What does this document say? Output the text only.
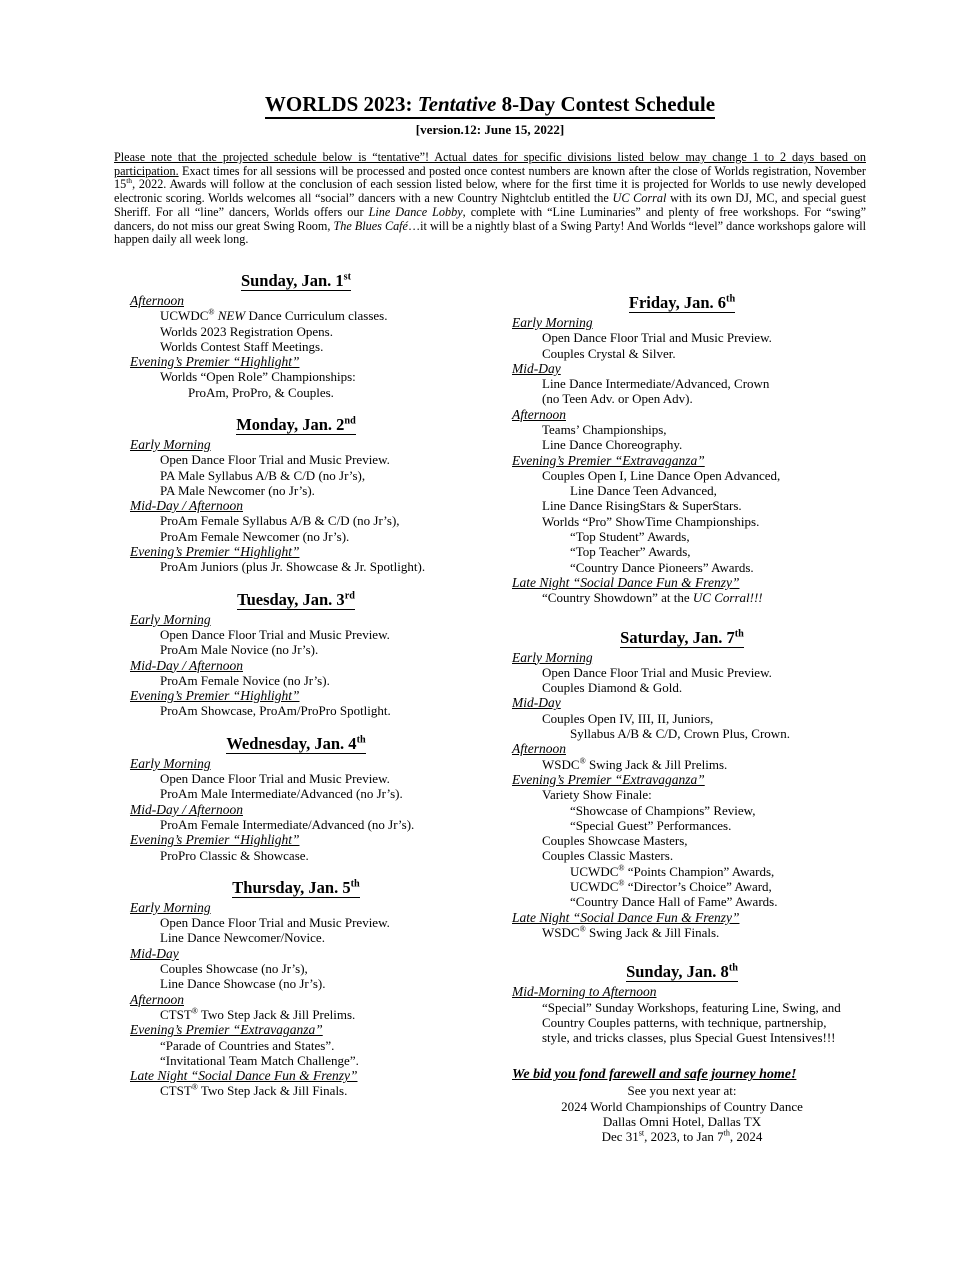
WORLDS 2023: Tentative 8-Day Contest Schedule
[version.12: June 15, 2022]

Please note that the projected schedule below is “tentative”! Actual dates for specific divisions listed below may change 1 to 2 days based on participation. Exact times for all sessions will be processed and posted once contest numbers are known after the close of Worlds registration, November 15th, 2022. Awards will follow at the conclusion of each session listed below, where for the first time it is projected for Worlds to use newly developed electronic scoring. Worlds welcomes all “social” dancers with a new Country Nightclub entitled the UC Corral with its own DJ, MC, and special guest Sheriff. For all “line” dancers, Worlds offers our Line Dance Lobby, complete with “Line Luminaries” and plenty of free workshops. For “swing” dancers, do not miss our great Swing Room, The Blues Café…it will be a nightly blast of a Swing Party! And Worlds “level” dance workshops galore will happen daily all week long.

Sunday, Jan. 1st
Afternoon
UCWDC® NEW Dance Curriculum classes.
Worlds 2023 Registration Opens.
Worlds Contest Staff Meetings.
Evening’s Premier “Highlight”
Worlds “Open Role” Championships:
ProAm, ProPro, & Couples.
Monday, Jan. 2nd
Early Morning
Open Dance Floor Trial and Music Preview.
PA Male Syllabus A/B & C/D (no Jr’s),
PA Male Newcomer (no Jr’s).
Mid-Day / Afternoon
ProAm Female Syllabus A/B & C/D (no Jr’s),
ProAm Female Newcomer (no Jr’s).
Evening’s Premier “Highlight”
ProAm Juniors (plus Jr. Showcase & Jr. Spotlight).
Tuesday, Jan. 3rd
Early Morning
Open Dance Floor Trial and Music Preview.
ProAm Male Novice (no Jr’s).
Mid-Day / Afternoon
ProAm Female Novice (no Jr’s).
Evening’s Premier “Highlight”
ProAm Showcase, ProAm/ProPro Spotlight.
Wednesday, Jan. 4th
Early Morning
Open Dance Floor Trial and Music Preview.
ProAm Male Intermediate/Advanced (no Jr’s).
Mid-Day / Afternoon
ProAm Female Intermediate/Advanced (no Jr’s).
Evening’s Premier “Highlight”
ProPro Classic & Showcase.
Thursday, Jan. 5th
Early Morning
Open Dance Floor Trial and Music Preview.
Line Dance Newcomer/Novice.
Mid-Day
Couples Showcase (no Jr’s),
Line Dance Showcase (no Jr’s).
Afternoon
CTST® Two Step Jack & Jill Prelims.
Evening’s Premier “Extravaganza”
“Parade of Countries and States”.
“Invitational Team Match Challenge”.
Late Night “Social Dance Fun & Frenzy”
CTST® Two Step Jack & Jill Finals.
Friday, Jan. 6th
Early Morning
Open Dance Floor Trial and Music Preview.
Couples Crystal & Silver.
Mid-Day
Line Dance Intermediate/Advanced, Crown
(no Teen Adv. or Open Adv).
Afternoon
Teams’ Championships,
Line Dance Choreography.
Evening’s Premier “Extravaganza”
Couples Open I, Line Dance Open Advanced,
Line Dance Teen Advanced,
Line Dance RisingStars & SuperStars.
Worlds “Pro” ShowTime Championships.
“Top Student” Awards,
“Top Teacher” Awards,
“Country Dance Pioneers” Awards.
Late Night “Social Dance Fun & Frenzy”
“Country Showdown” at the UC Corral!!!
Saturday, Jan. 7th
Early Morning
Open Dance Floor Trial and Music Preview.
Couples Diamond & Gold.
Mid-Day
Couples Open IV, III, II, Juniors,
Syllabus A/B & C/D, Crown Plus, Crown.
Afternoon
WSDC® Swing Jack & Jill Prelims.
Evening’s Premier “Extravaganza”
Variety Show Finale:
“Showcase of Champions” Review,
“Special Guest” Performances.
Couples Showcase Masters,
Couples Classic Masters.
UCWDC® “Points Champion” Awards,
UCWDC® “Director’s Choice” Award,
“Country Dance Hall of Fame” Awards.
Late Night “Social Dance Fun & Frenzy”
WSDC® Swing Jack & Jill Finals.
Sunday, Jan. 8th
Mid-Morning to Afternoon
“Special” Sunday Workshops, featuring Line, Swing, and
Country Couples patterns, with technique, partnership,
style, and tricks classes, plus Special Guest Intensives!!!
We bid you fond farewell and safe journey home!
See you next year at:
2024 World Championships of Country Dance
Dallas Omni Hotel, Dallas TX
Dec 31st, 2023, to Jan 7th, 2024
